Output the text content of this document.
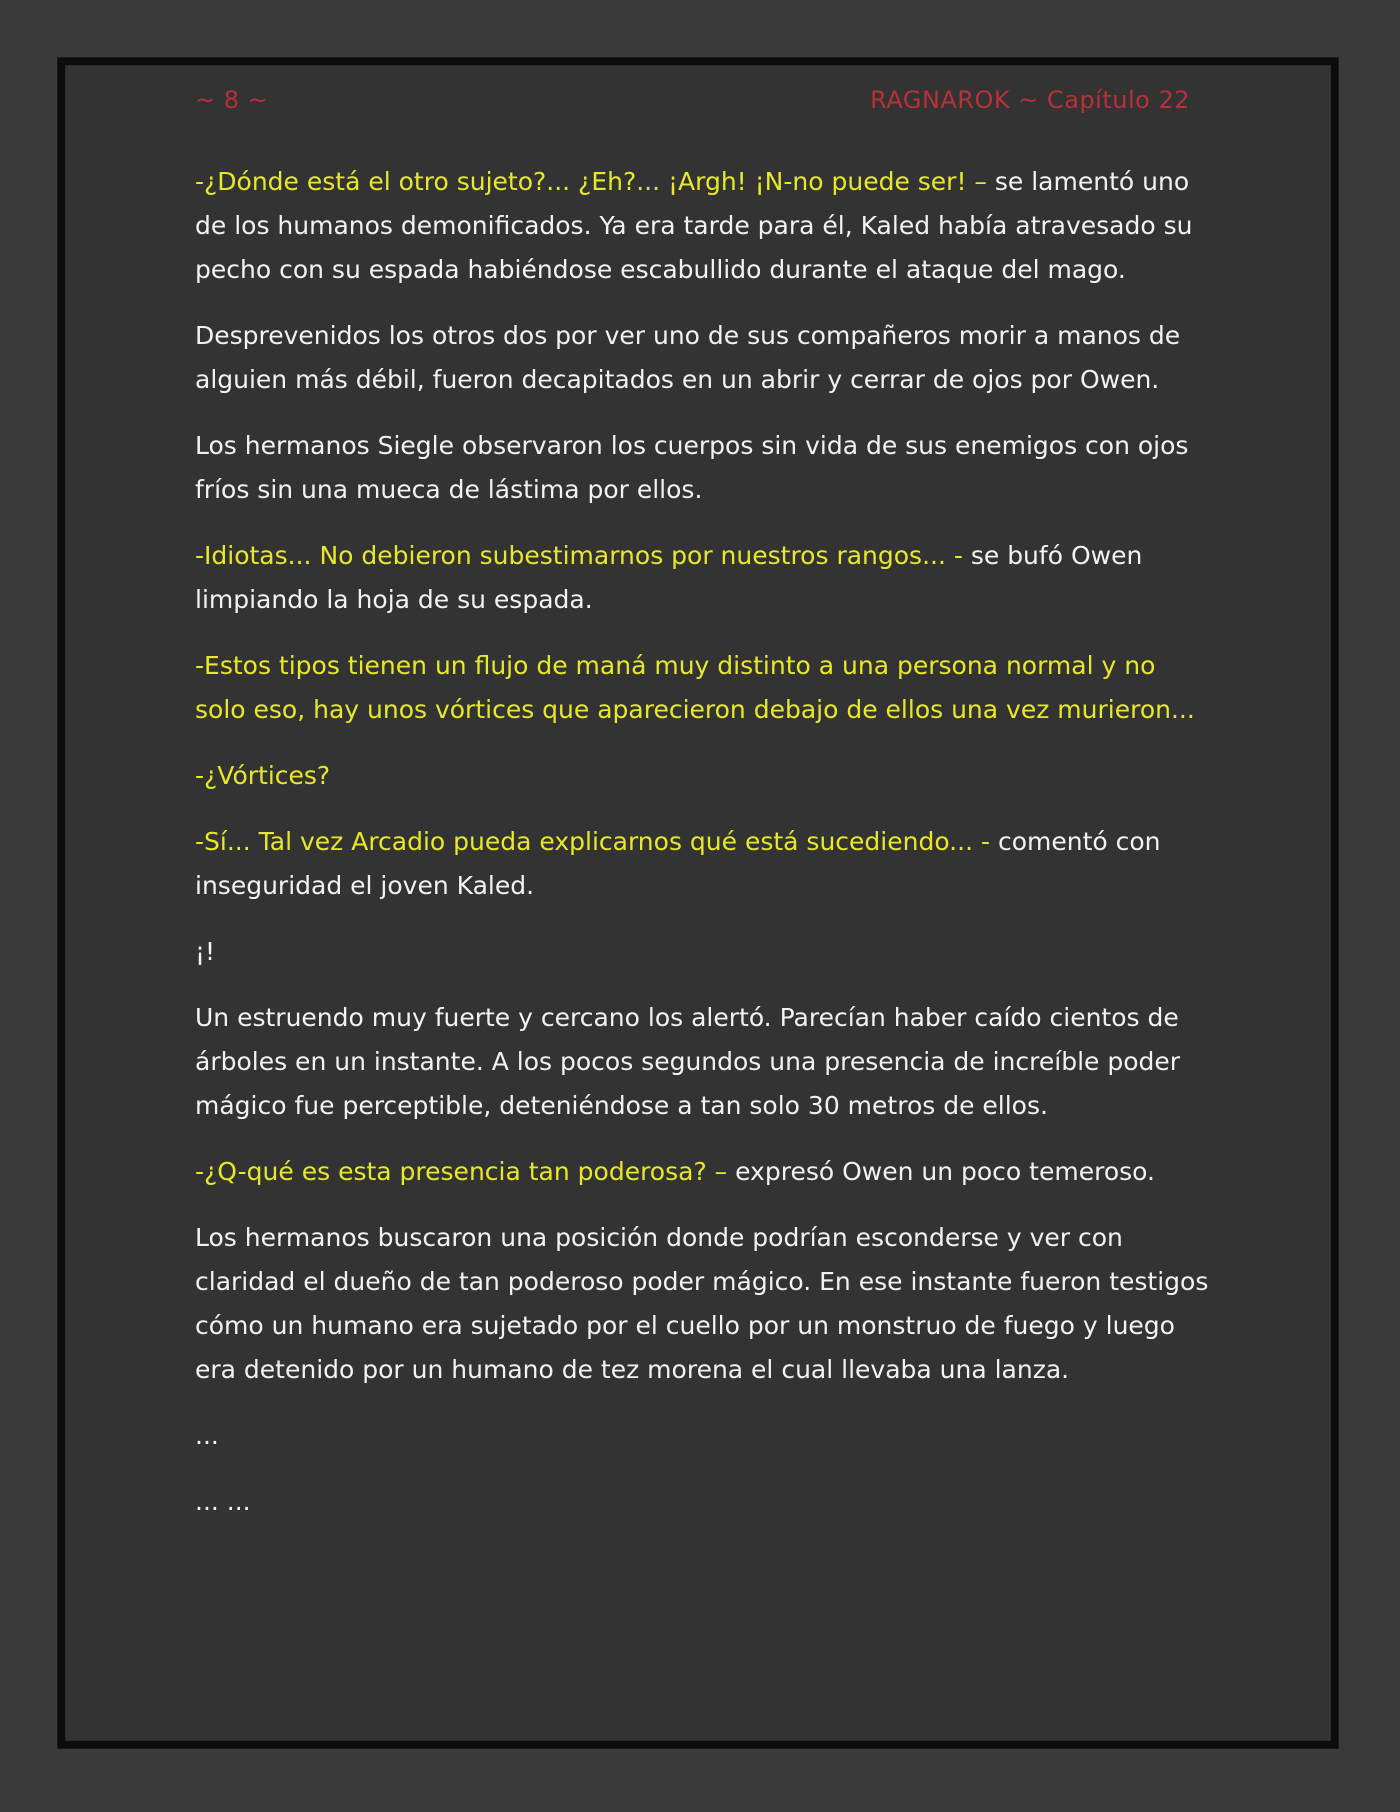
~ 8 ~	RAGNAROK ~ Capítulo 22

-¿Dónde está el otro sujeto?... ¿Eh?... ¡Argh! ¡N-no puede ser! – se lamentó uno de los humanos demonificados. Ya era tarde para él, Kaled había atravesado su pecho con su espada habiéndose escabullido durante el ataque del mago.

Desprevenidos los otros dos por ver uno de sus compañeros morir a manos de alguien más débil, fueron decapitados en un abrir y cerrar de ojos por Owen.

Los hermanos Siegle observaron los cuerpos sin vida de sus enemigos con ojos fríos sin una mueca de lástima por ellos.

-Idiotas... No debieron subestimarnos por nuestros rangos... - se bufó Owen limpiando la hoja de su espada.

-Estos tipos tienen un flujo de maná muy distinto a una persona normal y no solo eso, hay unos vórtices que aparecieron debajo de ellos una vez murieron...

-¿Vórtices?

-Sí... Tal vez Arcadio pueda explicarnos qué está sucediendo... - comentó con inseguridad el joven Kaled.

¡!

Un estruendo muy fuerte y cercano los alertó. Parecían haber caído cientos de árboles en un instante. A los pocos segundos una presencia de increíble poder mágico fue perceptible, deteniéndose a tan solo 30 metros de ellos.

-¿Q-qué es esta presencia tan poderosa? – expresó Owen un poco temeroso.

Los hermanos buscaron una posición donde podrían esconderse y ver con claridad el dueño de tan poderoso poder mágico. En ese instante fueron testigos cómo un humano era sujetado por el cuello por un monstruo de fuego y luego era detenido por un humano de tez morena el cual llevaba una lanza.

...

... ...
